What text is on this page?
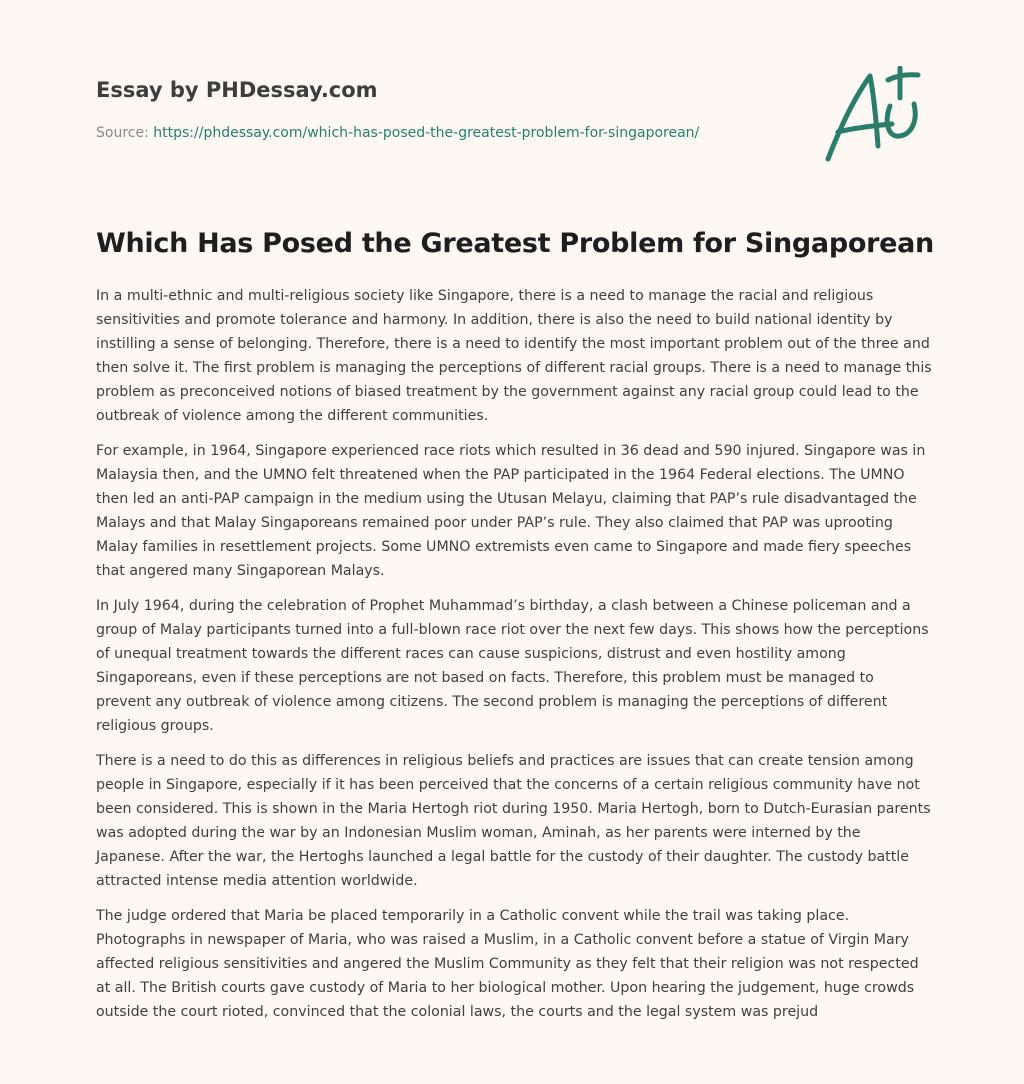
Essay by PHDessay.com
Source: https://phdessay.com/which-has-posed-the-greatest-problem-for-singaporean/
Which Has Posed the Greatest Problem for Singaporean

In a multi-ethnic and multi-religious society like Singapore, there is a need to manage the racial and religious sensitivities and promote tolerance and harmony. In addition, there is also the need to build national identity by instilling a sense of belonging. Therefore, there is a need to identify the most important problem out of the three and then solve it. The first problem is managing the perceptions of different racial groups. There is a need to manage this problem as preconceived notions of biased treatment by the government against any racial group could lead to the outbreak of violence among the different communities.

For example, in 1964, Singapore experienced race riots which resulted in 36 dead and 590 injured. Singapore was in Malaysia then, and the UMNO felt threatened when the PAP participated in the 1964 Federal elections. The UMNO then led an anti-PAP campaign in the medium using the Utusan Melayu, claiming that PAP’s rule disadvantaged the Malays and that Malay Singaporeans remained poor under PAP’s rule. They also claimed that PAP was uprooting Malay families in resettlement projects. Some UMNO extremists even came to Singapore and made fiery speeches that angered many Singaporean Malays.

In July 1964, during the celebration of Prophet Muhammad’s birthday, a clash between a Chinese policeman and a group of Malay participants turned into a full-blown race riot over the next few days. This shows how the perceptions of unequal treatment towards the different races can cause suspicions, distrust and even hostility among Singaporeans, even if these perceptions are not based on facts. Therefore, this problem must be managed to prevent any outbreak of violence among citizens. The second problem is managing the perceptions of different religious groups.

There is a need to do this as differences in religious beliefs and practices are issues that can create tension among people in Singapore, especially if it has been perceived that the concerns of a certain religious community have not been considered. This is shown in the Maria Hertogh riot during 1950. Maria Hertogh, born to Dutch-Eurasian parents was adopted during the war by an Indonesian Muslim woman, Aminah, as her parents were interned by the Japanese. After the war, the Hertoghs launched a legal battle for the custody of their daughter. The custody battle attracted intense media attention worldwide.

The judge ordered that Maria be placed temporarily in a Catholic convent while the trail was taking place. Photographs in newspaper of Maria, who was raised a Muslim, in a Catholic convent before a statue of Virgin Mary affected religious sensitivities and angered the Muslim Community as they felt that their religion was not respected at all. The British courts gave custody of Maria to her biological mother. Upon hearing the judgement, huge crowds outside the court rioted, convinced that the colonial laws, the courts and the legal system was prejud
